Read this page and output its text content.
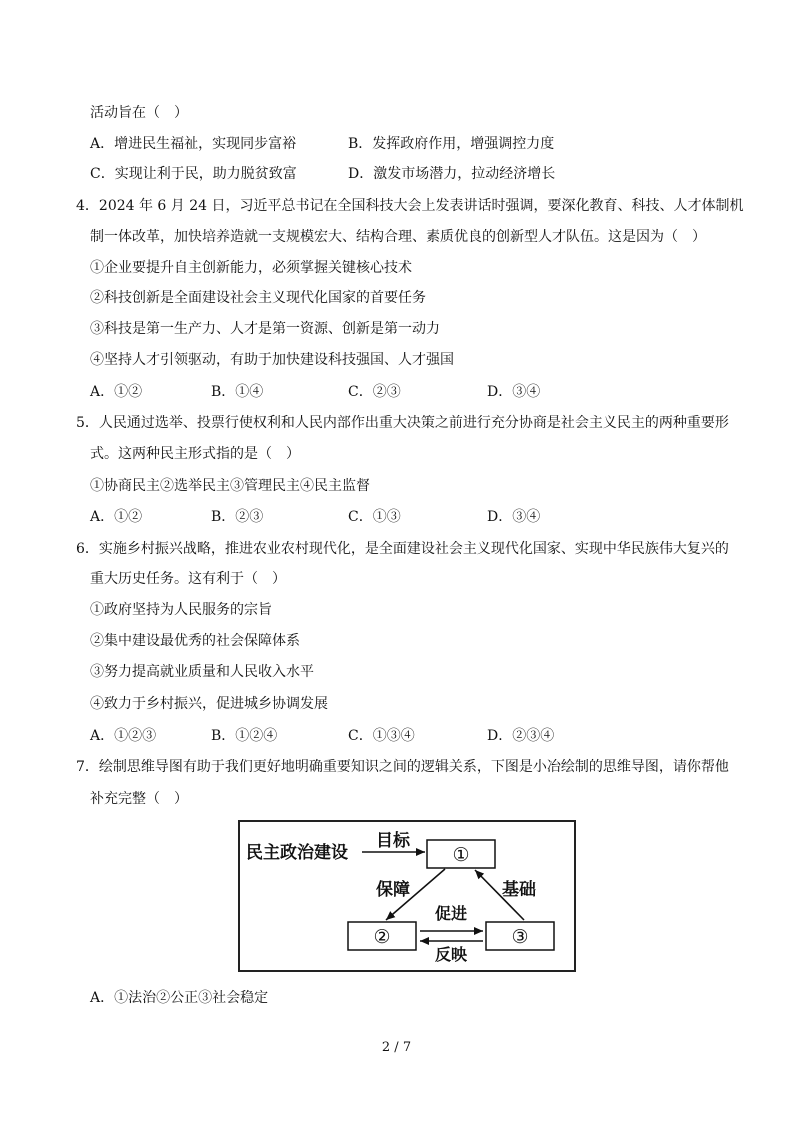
活动旨在（　）
A．增进民生福祉，实现同步富裕	B．发挥政府作用，增强调控力度
C．实现让利于民，助力脱贫致富	D．激发市场潜力，拉动经济增长
4．2024 年 6 月 24 日，习近平总书记在全国科技大会上发表讲话时强调，要深化教育、科技、人才体制机
制一体改革，加快培养造就一支规模宏大、结构合理、素质优良的创新型人才队伍。这是因为（　）
①企业要提升自主创新能力，必须掌握关键核心技术
②科技创新是全面建设社会主义现代化国家的首要任务
③科技是第一生产力、人才是第一资源、创新是第一动力
④坚持人才引领驱动，有助于加快建设科技强国、人才强国
A．①②	B．①④	C．②③	D．③④
5．人民通过选举、投票行使权利和人民内部作出重大决策之前进行充分协商是社会主义民主的两种重要形
式。这两种民主形式指的是（　）
①协商民主②选举民主③管理民主④民主监督
A．①②	B．②③	C．①③	D．③④
6．实施乡村振兴战略，推进农业农村现代化，是全面建设社会主义现代化国家、实现中华民族伟大复兴的
重大历史任务。这有利于（　）
①政府坚持为人民服务的宗旨
②集中建设最优秀的社会保障体系
③努力提高就业质量和人民收入水平
④致力于乡村振兴，促进城乡协调发展
A．①②③	B．①②④	C．①③④	D．②③④
7．绘制思维导图有助于我们更好地明确重要知识之间的逻辑关系，下图是小冶绘制的思维导图，请你帮他
补充完整（　）
民主政治建设
目标
①
②	③
保障	基础
促进
反映
A．①法治②公正③社会稳定
2 / 7
